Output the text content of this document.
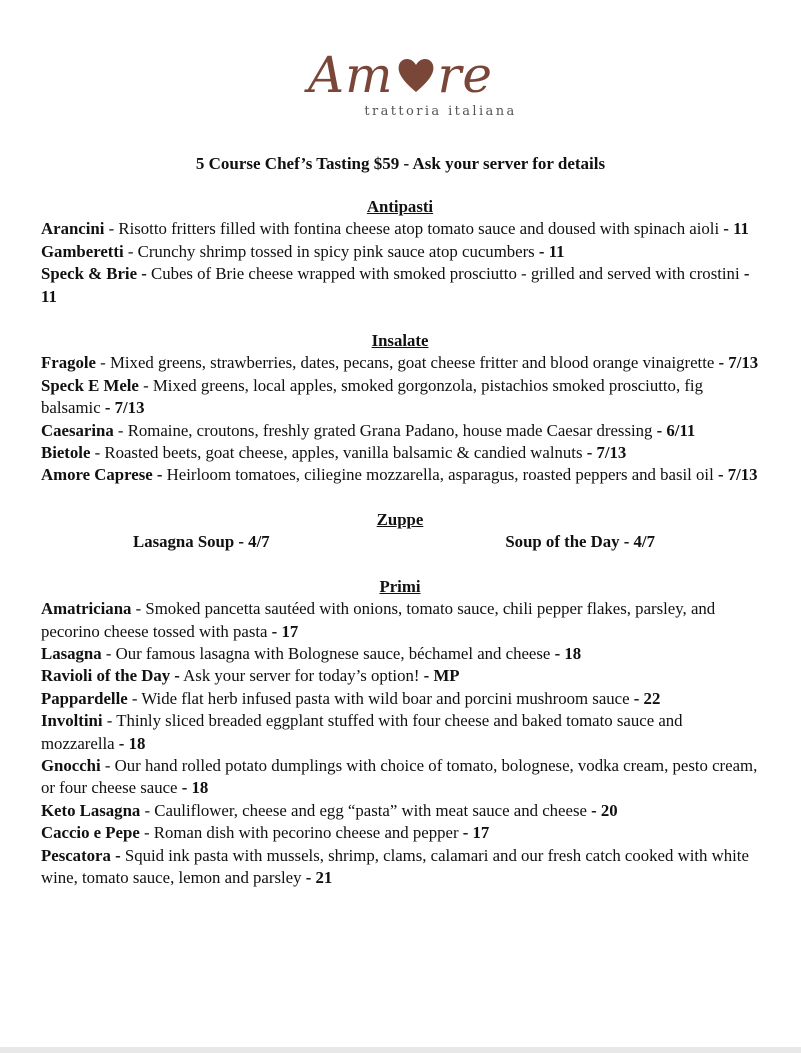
Am re
trattoria italiana
5 Course Chef’s Tasting $59 - Ask your server for details
Antipasti

Arancini - Risotto fritters filled with fontina cheese atop tomato sauce and doused with spinach aioli - 11

Gamberetti - Crunchy shrimp tossed in spicy pink sauce atop cucumbers - 11

Speck & Brie - Cubes of Brie cheese wrapped with smoked prosciutto - grilled and served with crostini - 11

Insalate

Fragole - Mixed greens, strawberries, dates, pecans, goat cheese fritter and blood orange vinaigrette - 7/13

Speck E Mele - Mixed greens, local apples, smoked gorgonzola, pistachios smoked prosciutto, fig balsamic - 7/13

Caesarina - Romaine, croutons, freshly grated Grana Padano, house made Caesar dressing - 6/11

Bietole - Roasted beets, goat cheese, apples, vanilla balsamic & candied walnuts - 7/13

Amore Caprese - Heirloom tomatoes, ciliegine mozzarella, asparagus, roasted peppers and basil oil - 7/13

Zuppe
Lasagna Soup - 4/7	Soup of the Day - 4/7
Primi

Amatriciana - Smoked pancetta sautéed with onions, tomato sauce, chili pepper flakes, parsley, and pecorino cheese tossed with pasta - 17

Lasagna - Our famous lasagna with Bolognese sauce, béchamel and cheese - 18

Ravioli of the Day - Ask your server for today’s option! - MP

Pappardelle - Wide flat herb infused pasta with wild boar and porcini mushroom sauce - 22

Involtini - Thinly sliced breaded eggplant stuffed with four cheese and baked tomato sauce and mozzarella - 18

Gnocchi - Our hand rolled potato dumplings with choice of tomato, bolognese, vodka cream, pesto cream, or four cheese sauce - 18

Keto Lasagna - Cauliflower, cheese and egg “pasta” with meat sauce and cheese - 20

Caccio e Pepe - Roman dish with pecorino cheese and pepper - 17

Pescatora - Squid ink pasta with mussels, shrimp, clams, calamari and our fresh catch cooked with white wine, tomato sauce, lemon and parsley - 21
